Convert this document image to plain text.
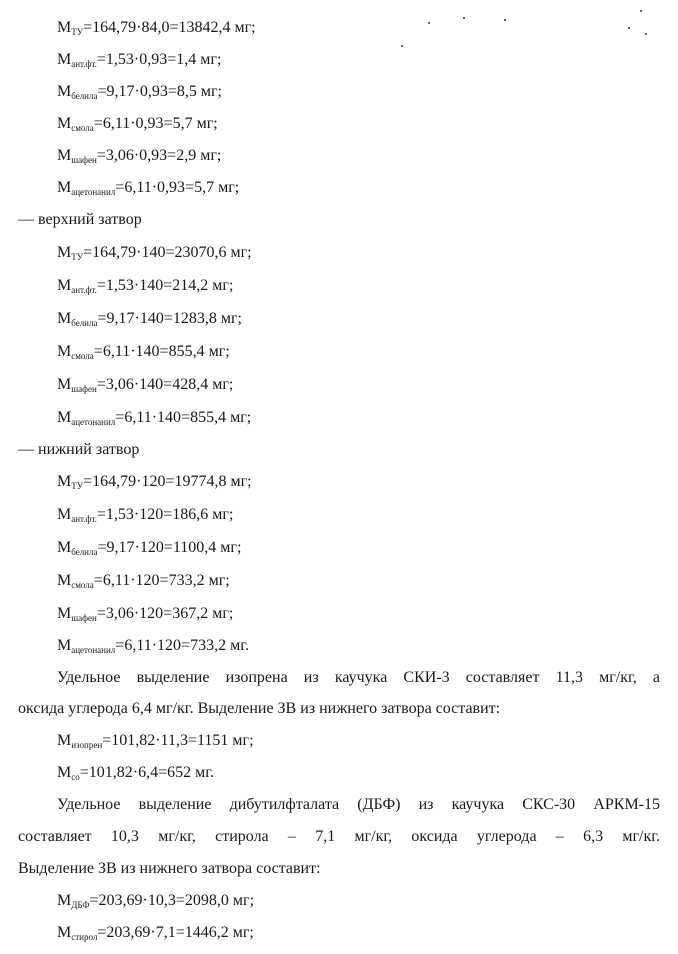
$M_{ТУ}=164,79\cdot 84,0=13842,4$ мг;
$M_{ант.фт.}=1,53\cdot 0,93=1,4$ мг;
$M_{белила}=9,17\cdot 0,93=8,5$ мг;
$M_{смола}=6,11\cdot 0,93=5,7$ мг;
$M_{шафен}=3,06\cdot 0,93=2,9$ мг;
$M_{ацетонанил}=6,11\cdot 0,93=5,7$ мг;
— верхний затвор
$M_{ТУ}=164,79\cdot 140=23070,6$ мг;
$M_{ант.фт.}=1,53\cdot 140=214,2$ мг;
$M_{белила}=9,17\cdot 140=1283,8$ мг;
$M_{смола}=6,11\cdot 140=855,4$ мг;
$M_{шафен}=3,06\cdot 140=428,4$ мг;
$M_{ацетонанил}=6,11\cdot 140=855,4$ мг;
— нижний затвор
$M_{ТУ}=164,79\cdot 120=19774,8$ мг;
$M_{ант.фт.}=1,53\cdot 120=186,6$ мг;
$M_{белила}=9,17\cdot 120=1100,4$ мг;
$M_{смола}=6,11\cdot 120=733,2$ мг;
$M_{шафен}=3,06\cdot 120=367,2$ мг;
$M_{ацетонанил}=6,11\cdot 120=733,2$ мг.
Удельное выделение изопрена из каучука СКИ-3 составляет 11,3 мг/кг, а
оксида углерода 6,4 мг/кг. Выделение ЗВ из нижнего затвора составит:
$M_{изопрен}=101,82\cdot 11,3=1151$ мг;
$M_{со}=101,82\cdot 6,4=652$ мг.
Удельное выделение дибутилфталата (ДБФ) из каучука СКС-30 АРКМ-15
составляет 10,3 мг/кг, стирола – 7,1 мг/кг, оксида углерода – 6,3 мг/кг.
Выделение ЗВ из нижнего затвора составит:
$M_{ДБФ}=203,69\cdot 10,3=2098,0$ мг;
$M_{стирол}=203,69\cdot 7,1=1446,2$ мг;
